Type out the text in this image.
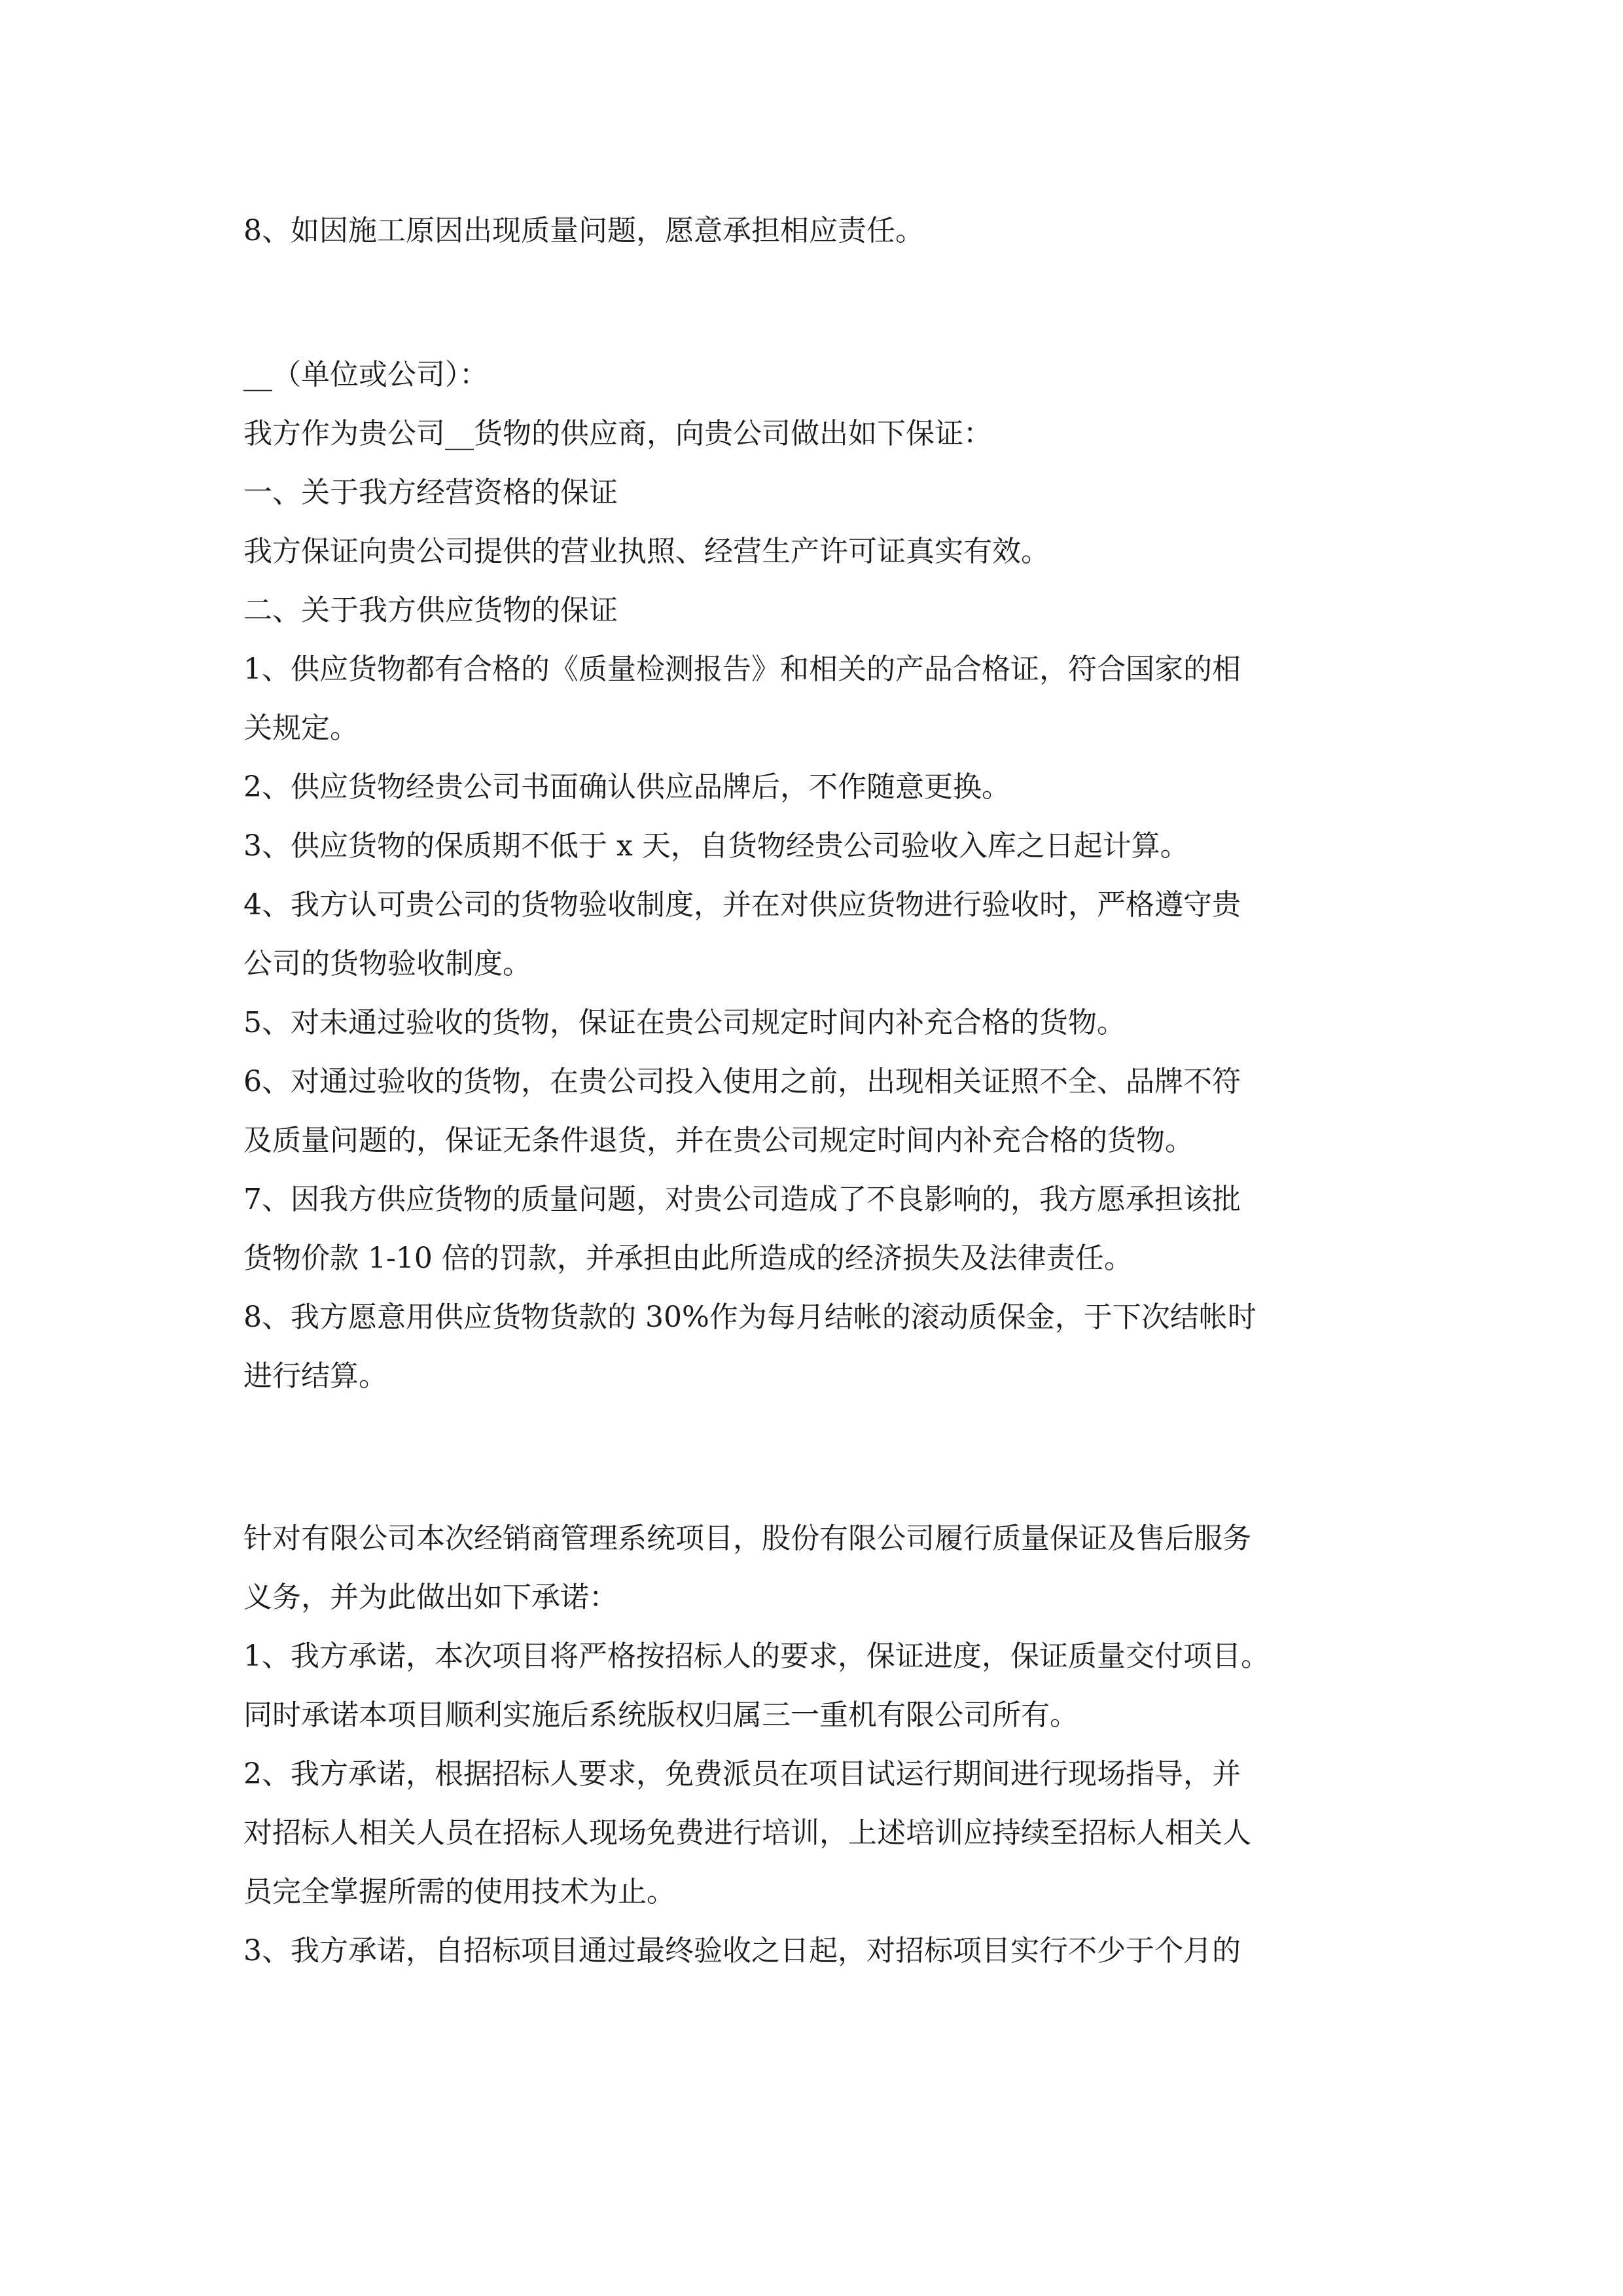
8、如因施工原因出现质量问题，愿意承担相应责任。
__（单位或公司）：
我方作为贵公司__货物的供应商，向贵公司做出如下保证：
一、关于我方经营资格的保证
我方保证向贵公司提供的营业执照、经营生产许可证真实有效。
二、关于我方供应货物的保证
1、供应货物都有合格的《质量检测报告》和相关的产品合格证，符合国家的相
关规定。
2、供应货物经贵公司书面确认供应品牌后，不作随意更换。
3、供应货物的保质期不低于 x 天，自货物经贵公司验收入库之日起计算。
4、我方认可贵公司的货物验收制度，并在对供应货物进行验收时，严格遵守贵
公司的货物验收制度。
5、对未通过验收的货物，保证在贵公司规定时间内补充合格的货物。
6、对通过验收的货物，在贵公司投入使用之前，出现相关证照不全、品牌不符
及质量问题的，保证无条件退货，并在贵公司规定时间内补充合格的货物。
7、因我方供应货物的质量问题，对贵公司造成了不良影响的，我方愿承担该批
货物价款 1-10 倍的罚款，并承担由此所造成的经济损失及法律责任。
8、我方愿意用供应货物货款的 30%作为每月结帐的滚动质保金，于下次结帐时
进行结算。
针对有限公司本次经销商管理系统项目，股份有限公司履行质量保证及售后服务
义务，并为此做出如下承诺：
1、我方承诺，本次项目将严格按招标人的要求，保证进度，保证质量交付项目。
同时承诺本项目顺利实施后系统版权归属三一重机有限公司所有。
2、我方承诺，根据招标人要求，免费派员在项目试运行期间进行现场指导，并
对招标人相关人员在招标人现场免费进行培训，上述培训应持续至招标人相关人
员完全掌握所需的使用技术为止。
3、我方承诺，自招标项目通过最终验收之日起，对招标项目实行不少于个月的
